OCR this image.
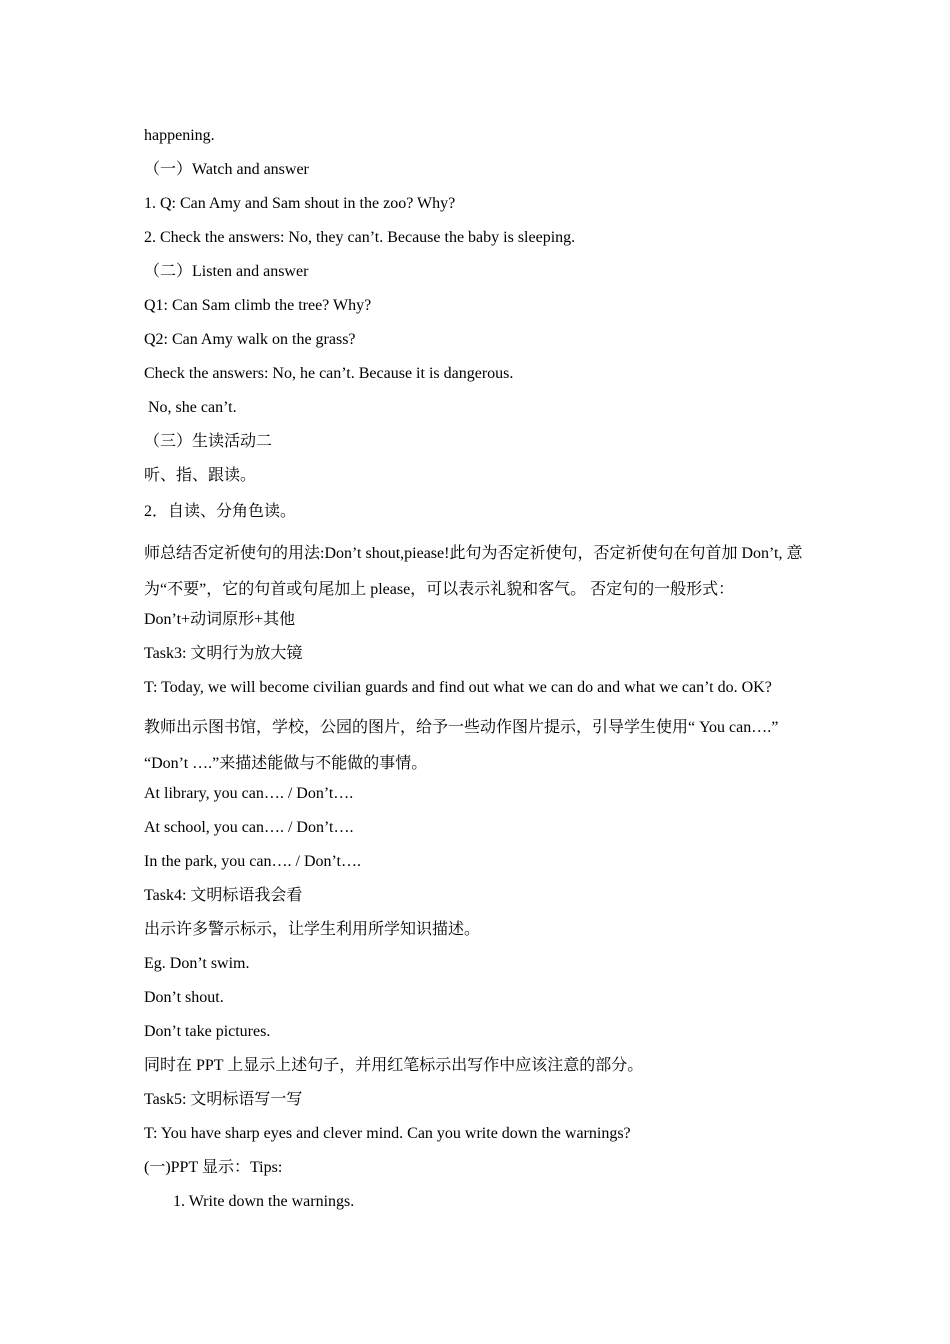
happening.
（一）Watch and answer
1. Q: Can Amy and Sam shout in the zoo? Why?
2. Check the answers: No, they can’t. Because the baby is sleeping.
（二）Listen and answer
Q1: Can Sam climb the tree? Why?
Q2: Can Amy walk on the grass?
Check the answers: No, he can’t. Because it is dangerous.
No, she can’t.
（三）生读活动二
听、指、跟读。
2．自读、分角色读。
师总结否定祈使句的用法:Don’t shout,piease!此句为否定祈使句，否定祈使句在句首加 Don’t, 意为“不要”，它的句首或句尾加上 please，可以表示礼貌和客气。 否定句的一般形式：
Don’t+动词原形+其他
Task3: 文明行为放大镜
T: Today, we will become civilian guards and find out what we can do and what we can’t do. OK?
教师出示图书馆，学校，公园的图片，给予一些动作图片提示，引导学生使用“ You can….” “Don’t ….”来描述能做与不能做的事情。
At library, you can…. / Don’t….
At school, you can…. / Don’t….
In the park, you can…. / Don’t….
Task4: 文明标语我会看
出示许多警示标示，让学生利用所学知识描述。
Eg. Don’t swim.
Don’t shout.
Don’t take pictures.
同时在 PPT 上显示上述句子，并用红笔标示出写作中应该注意的部分。
Task5: 文明标语写一写
T: You have sharp eyes and clever mind. Can you write down the warnings?
(一)PPT 显示：Tips:
1. Write down the warnings.
